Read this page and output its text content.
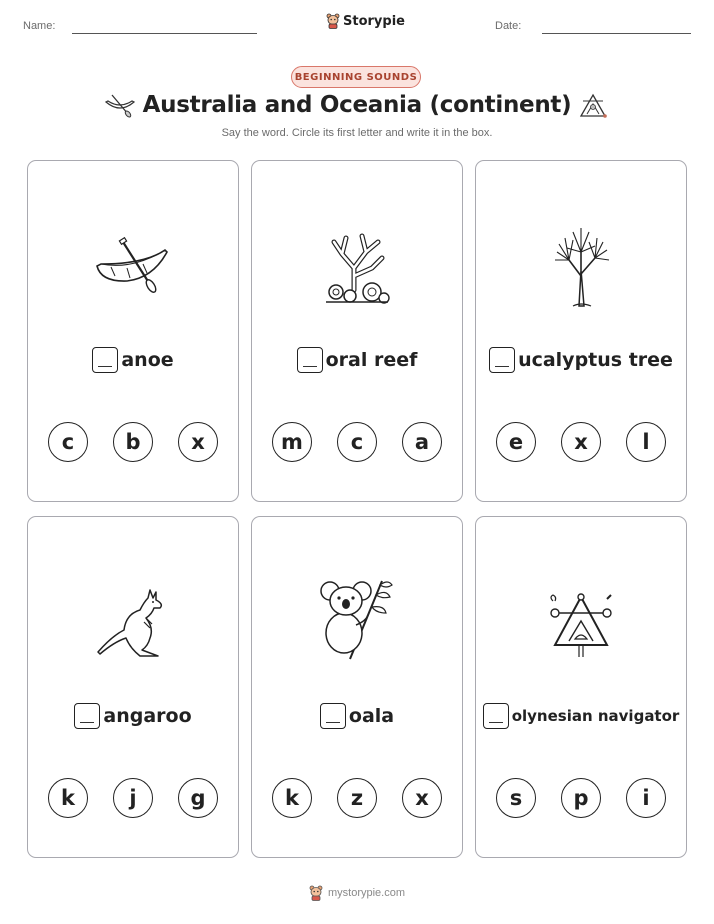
Name:	Storypie	Date:
BEGINNING SOUNDS
Australia and Oceania (continent)
Say the word. Circle its first letter and write it in the box.
anoe
c	b	x
oral reef
m	c	a
ucalyptus tree
e	x	l
angaroo
k	j	g
oala
k	z	x
olynesian navigator
s	p	i
mystorypie.com
